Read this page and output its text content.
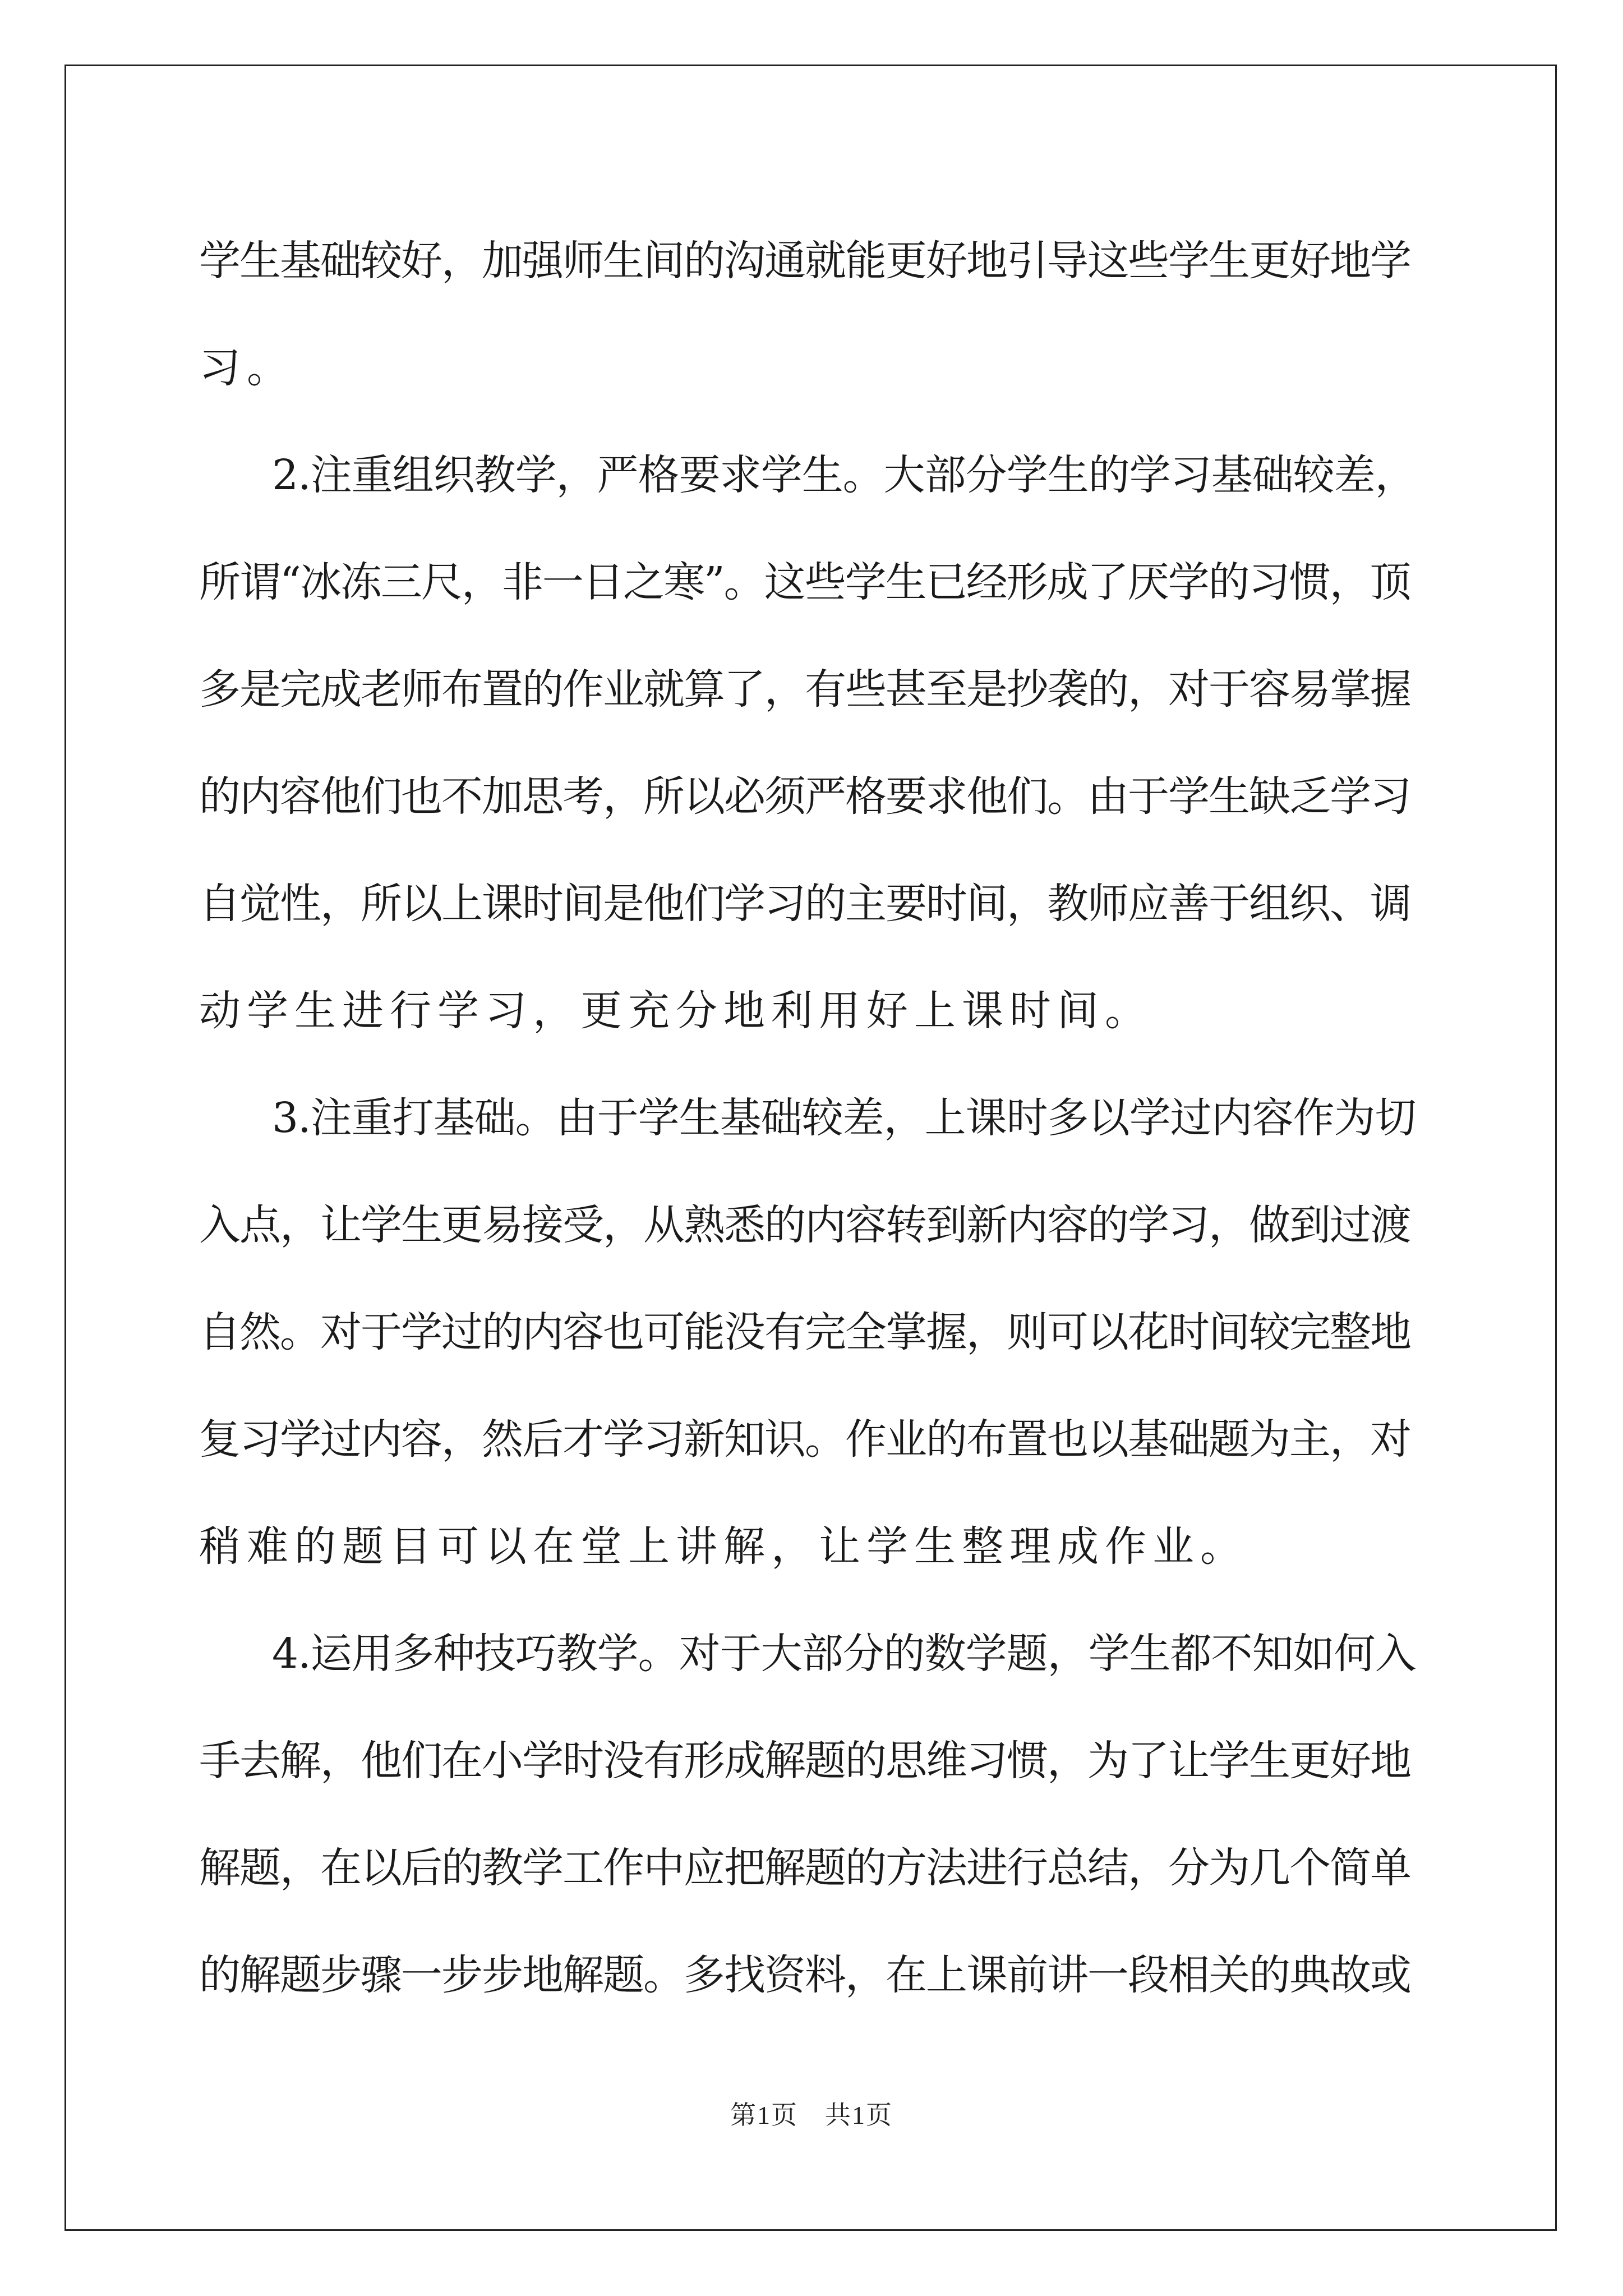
学生基础较好，加强师生间的沟通就能更好地引导这些学生更好地学
习。
2.注重组织教学，严格要求学生。大部分学生的学习基础较差，
所谓“冰冻三尺，非一日之寒”。这些学生已经形成了厌学的习惯，顶
多是完成老师布置的作业就算了，有些甚至是抄袭的，对于容易掌握
的内容他们也不加思考，所以必须严格要求他们。由于学生缺乏学习
自觉性，所以上课时间是他们学习的主要时间，教师应善于组织、调
动学生进行学习，更充分地利用好上课时间。
3.注重打基础。由于学生基础较差，上课时多以学过内容作为切
入点，让学生更易接受，从熟悉的内容转到新内容的学习，做到过渡
自然。对于学过的内容也可能没有完全掌握，则可以花时间较完整地
复习学过内容，然后才学习新知识。作业的布置也以基础题为主，对
稍难的题目可以在堂上讲解，让学生整理成作业。
4.运用多种技巧教学。对于大部分的数学题，学生都不知如何入
手去解，他们在小学时没有形成解题的思维习惯，为了让学生更好地
解题，在以后的教学工作中应把解题的方法进行总结，分为几个简单
的解题步骤一步步地解题。多找资料，在上课前讲一段相关的典故或
第1页　共1页
